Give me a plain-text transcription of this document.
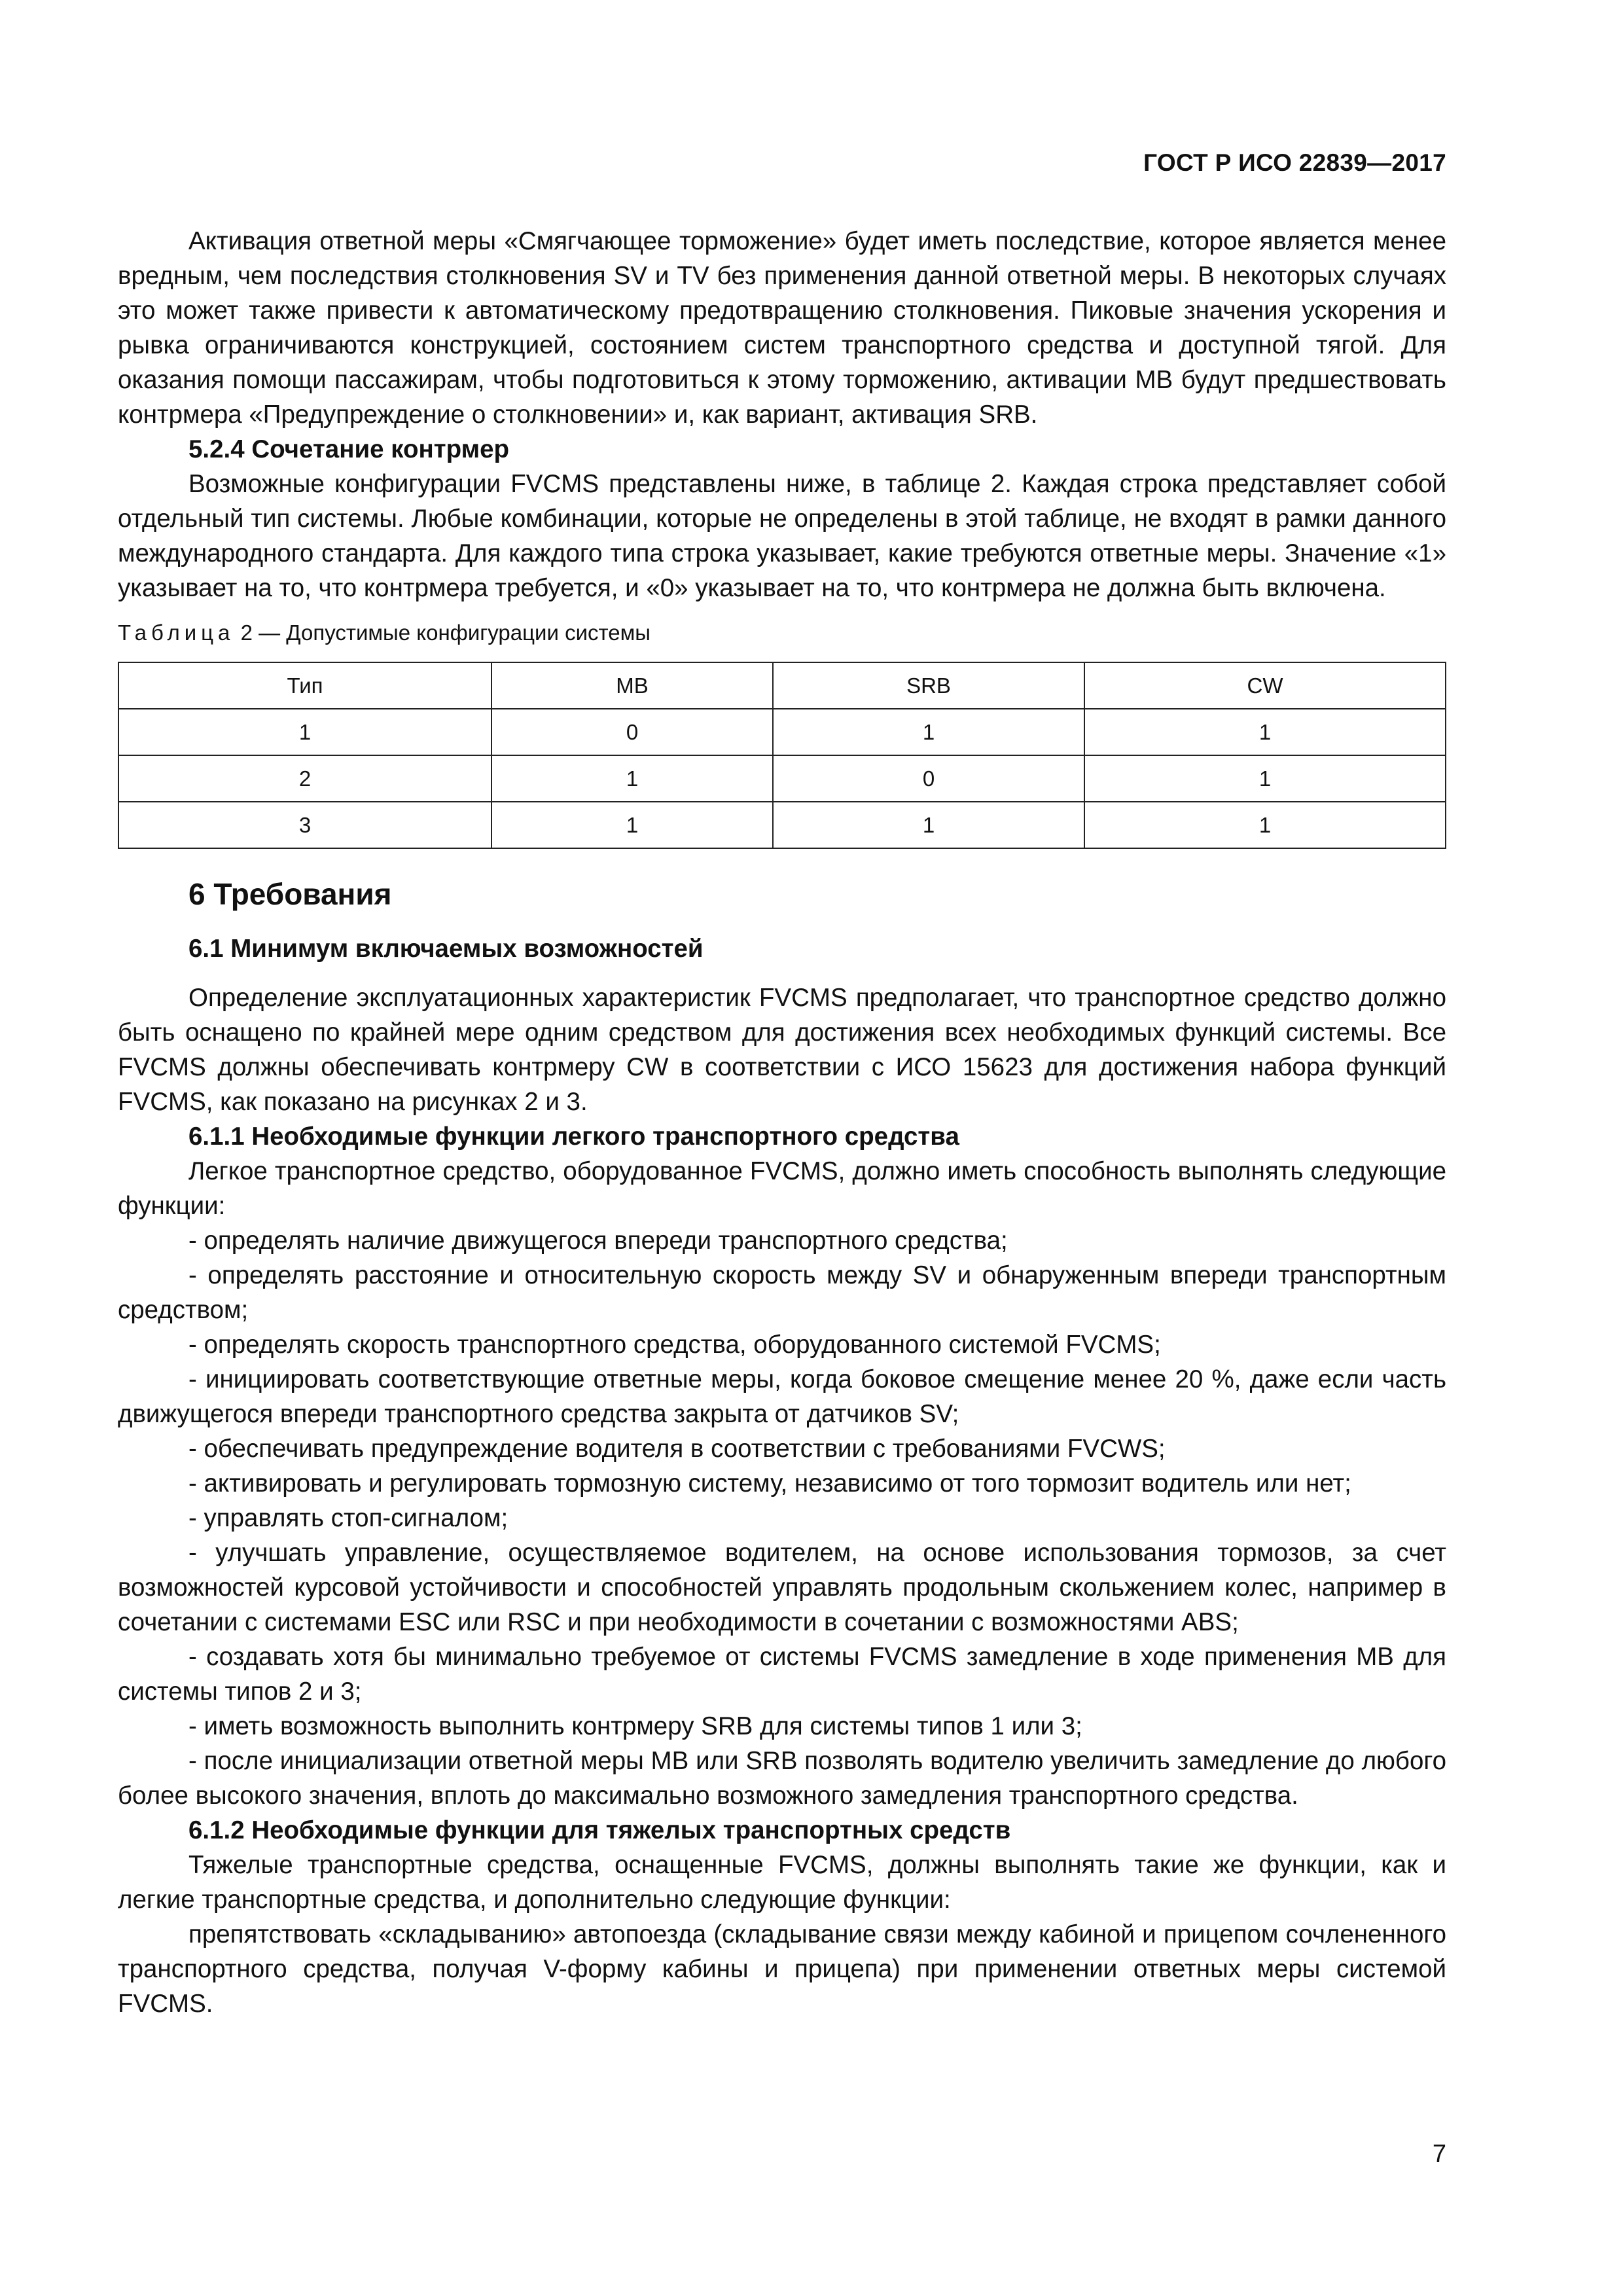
ГОСТ Р ИСО 22839—2017

Активация ответной меры «Смягчающее торможение» будет иметь последствие, которое является менее вредным, чем последствия столкновения SV и TV без применения данной ответной меры. В некоторых случаях это может также привести к автоматическому предотвращению столкновения. Пиковые значения ускорения и рывка ограничиваются конструкцией, состоянием систем транспортного средства и доступной тягой. Для оказания помощи пассажирам, чтобы подготовиться к этому торможению, активации MB будут предшествовать контрмера «Предупреждение о столкновении» и, как вариант, активация SRB.

5.2.4 Сочетание контрмер

Возможные конфигурации FVCMS представлены ниже, в таблице 2. Каждая строка представляет собой отдельный тип системы. Любые комбинации, которые не определены в этой таблице, не входят в рамки данного международного стандарта. Для каждого типа строка указывает, какие требуются ответные меры. Значение «1» указывает на то, что контрмера требуется, и «0» указывает на то, что контрмера не должна быть включена.

Таблица 2 — Допустимые конфигурации системы
Тип	MB	SRB	CW
1	0	1	1
2	1	0	1
3	1	1	1
6 Требования
6.1 Минимум включаемых возможностей

Определение эксплуатационных характеристик FVCMS предполагает, что транспортное средство должно быть оснащено по крайней мере одним средством для достижения всех необходимых функций системы. Все FVCMS должны обеспечивать контрмеру CW в соответствии с ИСО 15623 для достижения набора функций FVCMS, как показано на рисунках 2 и 3.

6.1.1 Необходимые функции легкого транспортного средства

Легкое транспортное средство, оборудованное FVCMS, должно иметь способность выполнять следующие функции:

- определять наличие движущегося впереди транспортного средства;

- определять расстояние и относительную скорость между SV и обнаруженным впереди транспортным средством;

- определять скорость транспортного средства, оборудованного системой FVCMS;

- инициировать соответствующие ответные меры, когда боковое смещение менее 20 %, даже если часть движущегося впереди транспортного средства закрыта от датчиков SV;

- обеспечивать предупреждение водителя в соответствии с требованиями FVCWS;

- активировать и регулировать тормозную систему, независимо от того тормозит водитель или нет;

- управлять стоп-сигналом;

- улучшать управление, осуществляемое водителем, на основе использования тормозов, за счет возможностей курсовой устойчивости и способностей управлять продольным скольжением колес, например в сочетании с системами ESC или RSC и при необходимости в сочетании с возможностями ABS;

- создавать хотя бы минимально требуемое от системы FVCMS замедление в ходе применения MB для системы типов 2 и 3;

- иметь возможность выполнить контрмеру SRB для системы типов 1 или 3;

- после инициализации ответной меры MB или SRB позволять водителю увеличить замедление до любого более высокого значения, вплоть до максимально возможного замедления транспортного средства.

6.1.2 Необходимые функции для тяжелых транспортных средств

Тяжелые транспортные средства, оснащенные FVCMS, должны выполнять такие же функции, как и легкие транспортные средства, и дополнительно следующие функции:

препятствовать «складыванию» автопоезда (складывание связи между кабиной и прицепом сочлененного транспортного средства, получая V-форму кабины и прицепа) при применении ответных меры системой FVCMS.

7
